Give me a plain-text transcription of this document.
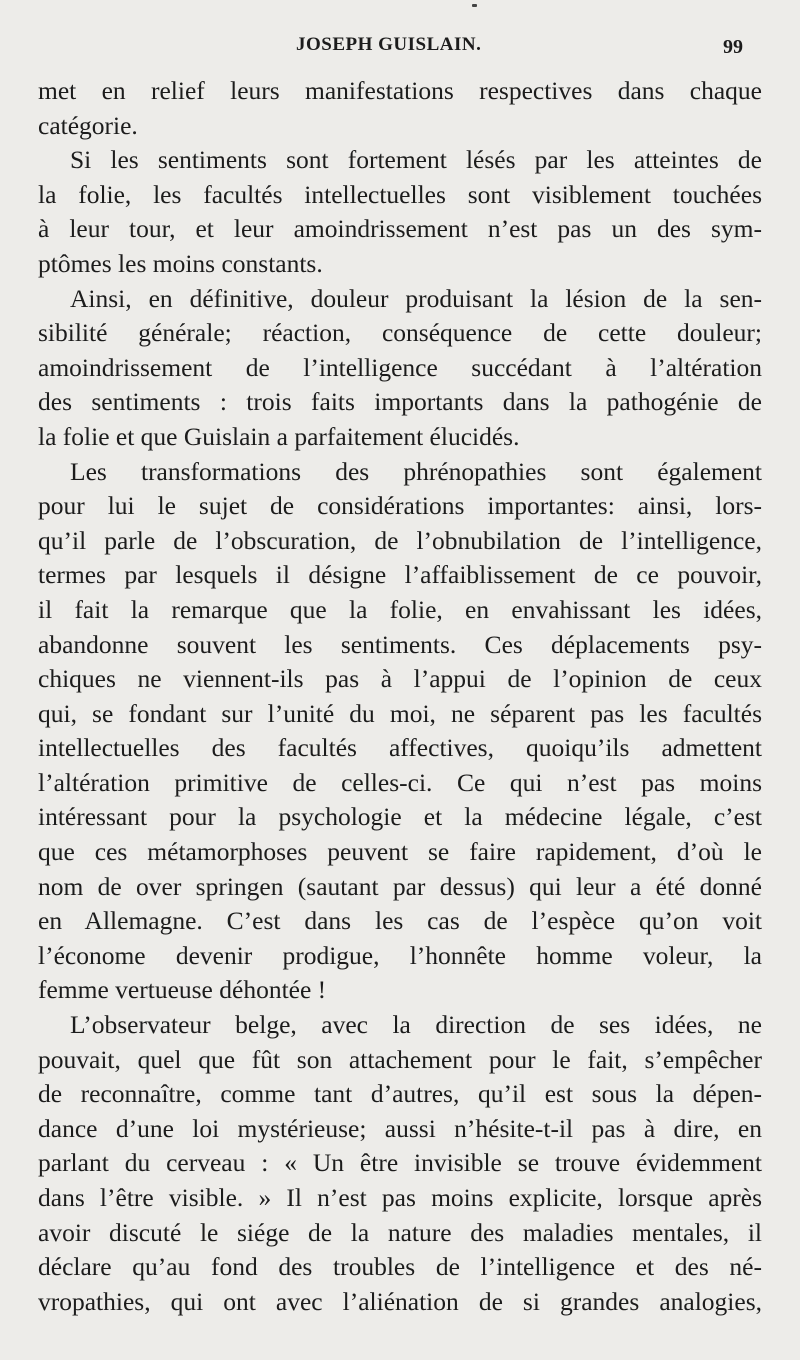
JOSEPH GUISLAIN.	99
met en relief leurs manifestations respectives dans chaque
catégorie.
Si les sentiments sont fortement lésés par les atteintes de
la folie, les facultés intellectuelles sont visiblement touchées
à leur tour, et leur amoindrissement n’est pas un des sym-
ptômes les moins constants.
Ainsi, en définitive, douleur produisant la lésion de la sen-
sibilité générale; réaction, conséquence de cette douleur;
amoindrissement de l’intelligence succédant à l’altération
des sentiments : trois faits importants dans la pathogénie de
la folie et que Guislain a parfaitement élucidés.
Les transformations des phrénopathies sont également
pour lui le sujet de considérations importantes: ainsi, lors-
qu’il parle de l’obscuration, de l’obnubilation de l’intelligence,
termes par lesquels il désigne l’affaiblissement de ce pouvoir,
il fait la remarque que la folie, en envahissant les idées,
abandonne souvent les sentiments. Ces déplacements psy-
chiques ne viennent-ils pas à l’appui de l’opinion de ceux
qui, se fondant sur l’unité du moi, ne séparent pas les facultés
intellectuelles des facultés affectives, quoiqu’ils admettent
l’altération primitive de celles-ci. Ce qui n’est pas moins
intéressant pour la psychologie et la médecine légale, c’est
que ces métamorphoses peuvent se faire rapidement, d’où le
nom de over springen (sautant par dessus) qui leur a été donné
en Allemagne. C’est dans les cas de l’espèce qu’on voit
l’économe devenir prodigue, l’honnête homme voleur, la
femme vertueuse déhontée !
L’observateur belge, avec la direction de ses idées, ne
pouvait, quel que fût son attachement pour le fait, s’empêcher
de reconnaître, comme tant d’autres, qu’il est sous la dépen-
dance d’une loi mystérieuse; aussi n’hésite-t-il pas à dire, en
parlant du cerveau : « Un être invisible se trouve évidemment
dans l’être visible. » Il n’est pas moins explicite, lorsque après
avoir discuté le siége de la nature des maladies mentales, il
déclare qu’au fond des troubles de l’intelligence et des né-
vropathies, qui ont avec l’aliénation de si grandes analogies,
